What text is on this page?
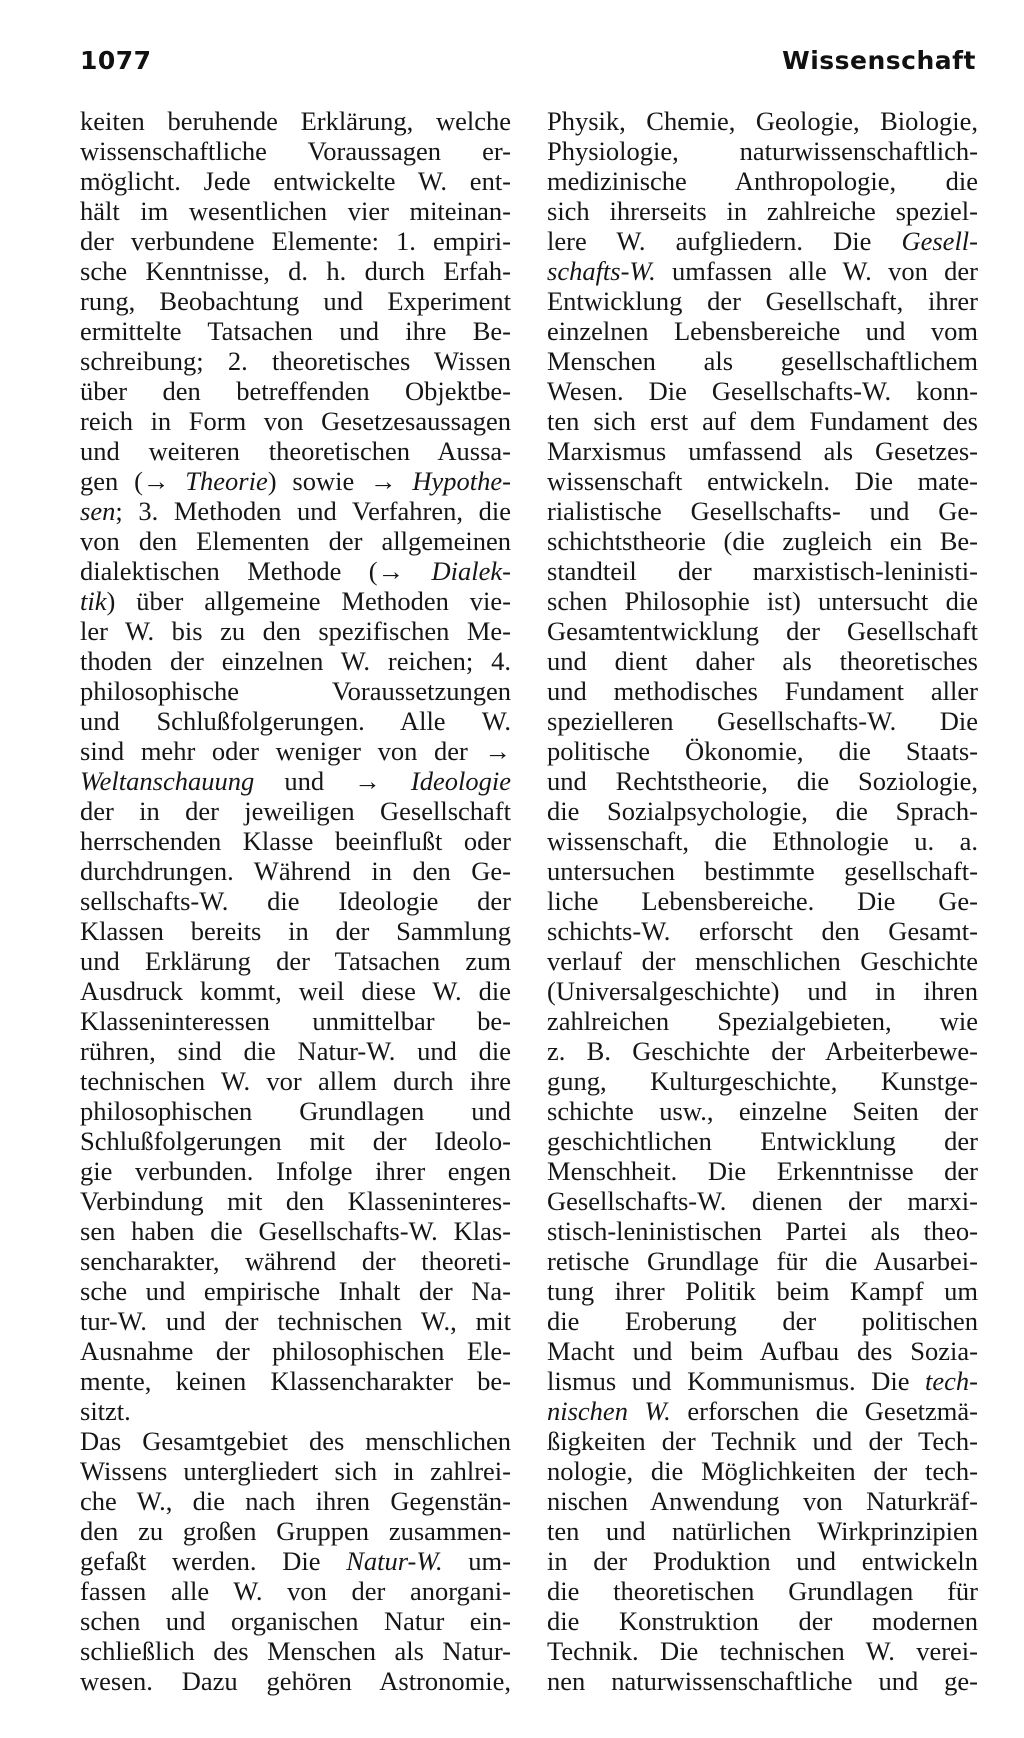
1077	Wissenschaft
keiten beruhende Erklärung, welche
wissenschaftliche Voraussagen er-
möglicht. Jede entwickelte W. ent-
hält im wesentlichen vier miteinan-
der verbundene Elemente: 1. empiri-
sche Kenntnisse, d. h. durch Erfah-
rung, Beobachtung und Experiment
ermittelte Tatsachen und ihre Be-
schreibung; 2. theoretisches Wissen
über den betreffenden Objektbe-
reich in Form von Gesetzesaussagen
und weiteren theoretischen Aussa-
gen (→ Theorie) sowie → Hypothe-
sen; 3. Methoden und Verfahren, die
von den Elementen der allgemeinen
dialektischen Methode (→ Dialek-
tik) über allgemeine Methoden vie-
ler W. bis zu den spezifischen Me-
thoden der einzelnen W. reichen; 4.
philosophische Voraussetzungen
und Schlußfolgerungen. Alle W.
sind mehr oder weniger von der →
Weltanschauung und → Ideologie
der in der jeweiligen Gesellschaft
herrschenden Klasse beeinflußt oder
durchdrungen. Während in den Ge-
sellschafts-W. die Ideologie der
Klassen bereits in der Sammlung
und Erklärung der Tatsachen zum
Ausdruck kommt, weil diese W. die
Klasseninteressen unmittelbar be-
rühren, sind die Natur-W. und die
technischen W. vor allem durch ihre
philosophischen Grundlagen und
Schlußfolgerungen mit der Ideolo-
gie verbunden. Infolge ihrer engen
Verbindung mit den Klasseninteres-
sen haben die Gesellschafts-W. Klas-
sencharakter, während der theoreti-
sche und empirische Inhalt der Na-
tur-W. und der technischen W., mit
Ausnahme der philosophischen Ele-
mente, keinen Klassencharakter be-
sitzt.
Das Gesamtgebiet des menschlichen
Wissens untergliedert sich in zahlrei-
che W., die nach ihren Gegenstän-
den zu großen Gruppen zusammen-
gefaßt werden. Die Natur-W. um-
fassen alle W. von der anorgani-
schen und organischen Natur ein-
schließlich des Menschen als Natur-
wesen. Dazu gehören Astronomie,
Physik, Chemie, Geologie, Biologie,
Physiologie, naturwissenschaftlich-
medizinische Anthropologie, die
sich ihrerseits in zahlreiche speziel-
lere W. aufgliedern. Die Gesell-
schafts-W. umfassen alle W. von der
Entwicklung der Gesellschaft, ihrer
einzelnen Lebensbereiche und vom
Menschen als gesellschaftlichem
Wesen. Die Gesellschafts-W. konn-
ten sich erst auf dem Fundament des
Marxismus umfassend als Gesetzes-
wissenschaft entwickeln. Die mate-
rialistische Gesellschafts- und Ge-
schichtstheorie (die zugleich ein Be-
standteil der marxistisch-leninisti-
schen Philosophie ist) untersucht die
Gesamtentwicklung der Gesellschaft
und dient daher als theoretisches
und methodisches Fundament aller
spezielleren Gesellschafts-W. Die
politische Ökonomie, die Staats-
und Rechtstheorie, die Soziologie,
die Sozialpsychologie, die Sprach-
wissenschaft, die Ethnologie u. a.
untersuchen bestimmte gesellschaft-
liche Lebensbereiche. Die Ge-
schichts-W. erforscht den Gesamt-
verlauf der menschlichen Geschichte
(Universalgeschichte) und in ihren
zahlreichen Spezialgebieten, wie
z. B. Geschichte der Arbeiterbewe-
gung, Kulturgeschichte, Kunstge-
schichte usw., einzelne Seiten der
geschichtlichen Entwicklung der
Menschheit. Die Erkenntnisse der
Gesellschafts-W. dienen der marxi-
stisch-leninistischen Partei als theo-
retische Grundlage für die Ausarbei-
tung ihrer Politik beim Kampf um
die Eroberung der politischen
Macht und beim Aufbau des Sozia-
lismus und Kommunismus. Die tech-
nischen W. erforschen die Gesetzmä-
ßigkeiten der Technik und der Tech-
nologie, die Möglichkeiten der tech-
nischen Anwendung von Naturkräf-
ten und natürlichen Wirkprinzipien
in der Produktion und entwickeln
die theoretischen Grundlagen für
die Konstruktion der modernen
Technik. Die technischen W. verei-
nen naturwissenschaftliche und ge-
